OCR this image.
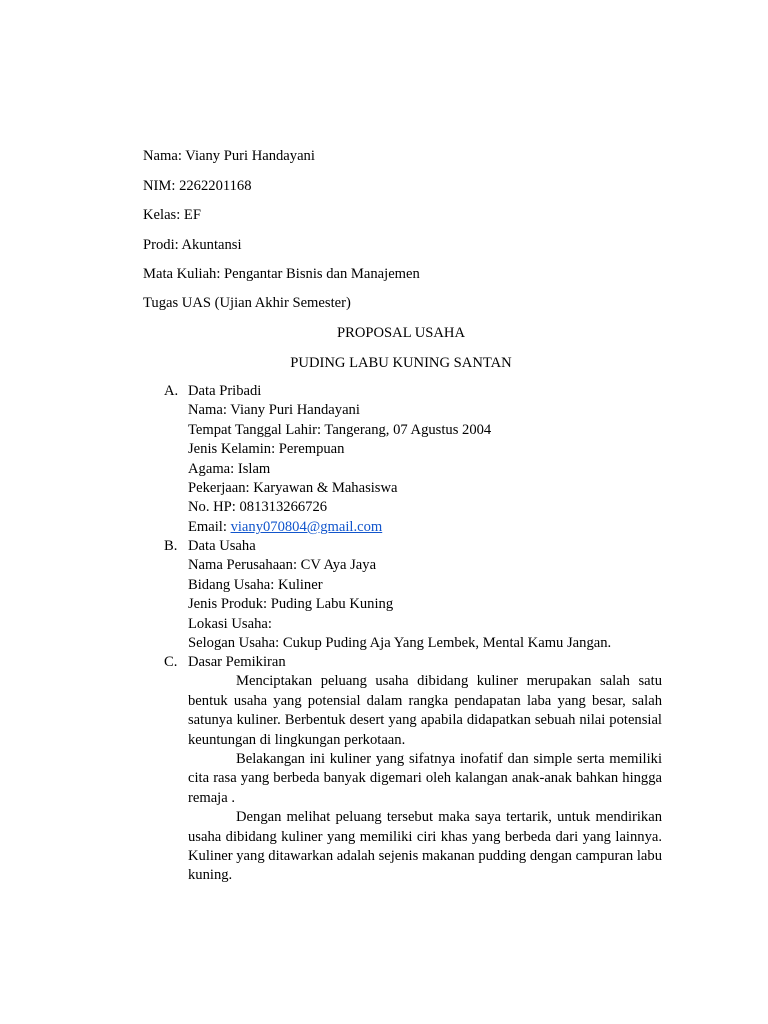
Nama: Viany Puri Handayani
NIM: 2262201168
Kelas: EF
Prodi: Akuntansi
Mata Kuliah: Pengantar Bisnis dan Manajemen
Tugas UAS (Ujian Akhir Semester)
PROPOSAL USAHA
PUDING LABU KUNING SANTAN
A. Data Pribadi
Nama: Viany Puri Handayani
Tempat Tanggal Lahir: Tangerang, 07 Agustus 2004
Jenis Kelamin: Perempuan
Agama: Islam
Pekerjaan: Karyawan & Mahasiswa
No. HP: 081313266726
Email: viany070804@gmail.com
B. Data Usaha
Nama Perusahaan: CV Aya Jaya
Bidang Usaha: Kuliner
Jenis Produk: Puding Labu Kuning
Lokasi Usaha:
Selogan Usaha: Cukup Puding Aja Yang Lembek, Mental Kamu Jangan.
C. Dasar Pemikiran

Menciptakan peluang usaha dibidang kuliner merupakan salah satu bentuk usaha yang potensial dalam rangka pendapatan laba yang besar, salah satunya kuliner. Berbentuk desert yang apabila didapatkan sebuah nilai potensial keuntungan di lingkungan perkotaan.

Belakangan ini kuliner yang sifatnya inofatif dan simple serta memiliki cita rasa yang berbeda banyak digemari oleh kalangan anak-anak bahkan hingga remaja .

Dengan melihat peluang tersebut maka saya tertarik, untuk mendirikan usaha dibidang kuliner yang memiliki ciri khas yang berbeda dari yang lainnya. Kuliner yang ditawarkan adalah sejenis makanan pudding dengan campuran labu kuning.
